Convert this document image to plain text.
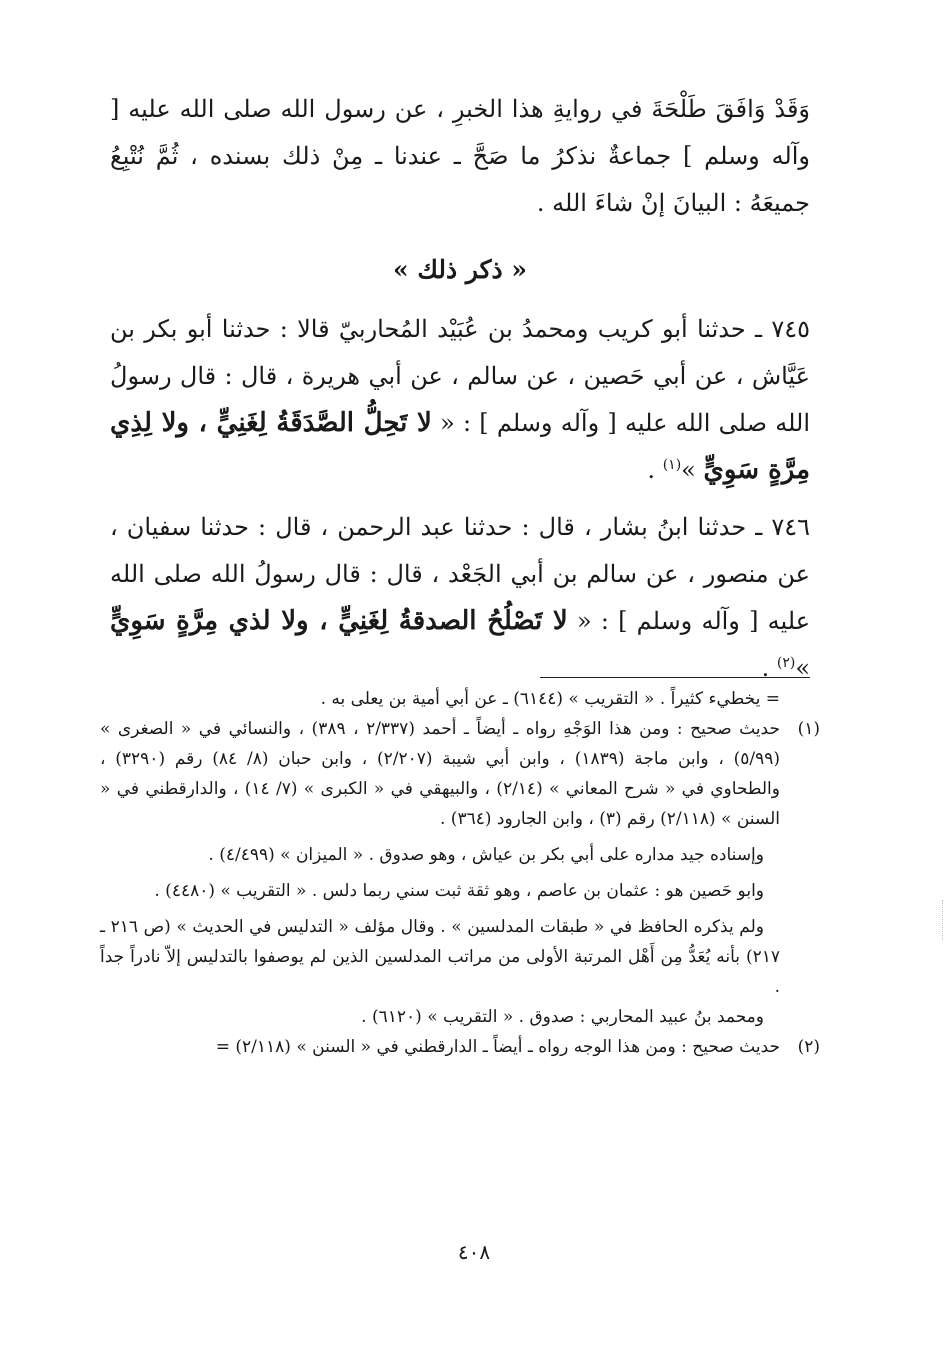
وَقَدْ وَافَقَ طَلْحَةَ في روايةِ هذا الخبرِ ، عن رسول الله صلى الله عليه [ وآله وسلم ] جماعةٌ نذكرُ ما صَحَّ ـ عندنا ـ مِنْ ذلك بسنده ، ثُمَّ نُتْبِعُ جميعَهُ : البيانَ إنْ شاءَ الله .

« ذكر ذلك »

٧٤٥ ـ حدثنا أبو كريب ومحمدُ بن عُبَيْد المُحاربيّ قالا : حدثنا أبو بكر بن عَيَّاش ، عن أبي حَصين ، عن سالم ، عن أبي هريرة ، قال : قال رسولُ الله صلى الله عليه [ وآله وسلم ] : « لا تَحِلُّ الصَّدَقَةُ لِغَنِيٍّ ، ولا لِذِي مِرَّةٍ سَوِيٍّ »$^{(١)}$ .

٧٤٦ ـ حدثنا ابنُ بشار ، قال : حدثنا عبد الرحمن ، قال : حدثنا سفيان ، عن منصور ، عن سالم بن أبي الجَعْد ، قال : قال رسولُ الله صلى الله عليه [ وآله وسلم ] : « لا تَصْلُحُ الصدقةُ لِغَنِيٍّ ، ولا لذي مِرَّةٍ سَوِيٍّ »$^{(٢)}$ .

= يخطيء كثيراً . « التقريب » (٦١٤٤) ـ عن أبي أمية بن يعلى به .

(١)
حديث صحيح : ومن هذا الوَجْهِ رواه ـ أيضاً ـ أحمد (٢/٣٣٧ ، ٣٨٩) ، والنسائي في « الصغرى » (٥/٩٩) ، وابن ماجة (١٨٣٩) ، وابن أبي شيبة (٢/٢٠٧) ، وابن حبان (٨/ ٨٤) رقم (٣٢٩٠) ، والطحاوي في « شرح المعاني » (٢/١٤) ، والبيهقي في « الكبرى » (٧/ ١٤) ، والدارقطني في « السنن » (٢/١١٨) رقم (٣) ، وابن الجارود (٣٦٤) .

وإسناده جيد مداره على أبي بكر بن عياش ، وهو صدوق . « الميزان » (٤/٤٩٩) .

وابو حَصين هو : عثمان بن عاصم ، وهو ثقة ثبت سني ربما دلس . « التقريب » (٤٤٨٠) .

ولم يذكره الحافظ في « طبقات المدلسين » . وقال مؤلف « التدليس في الحديث » (ص ٢١٦ ـ ٢١٧) بأنه يُعَدُّ مِن أَهْل المرتبة الأولى من مراتب المدلسين الذين لم يوصفوا بالتدليس إلاّ نادراً جداً .

ومحمد بنُ عبيد المحاربي : صدوق . « التقريب » (٦١٢٠) .

(٢)
حديث صحيح : ومن هذا الوجه رواه ـ أيضاً ـ الدارقطني في « السنن » (٢/١١٨) =

٤٠٨
